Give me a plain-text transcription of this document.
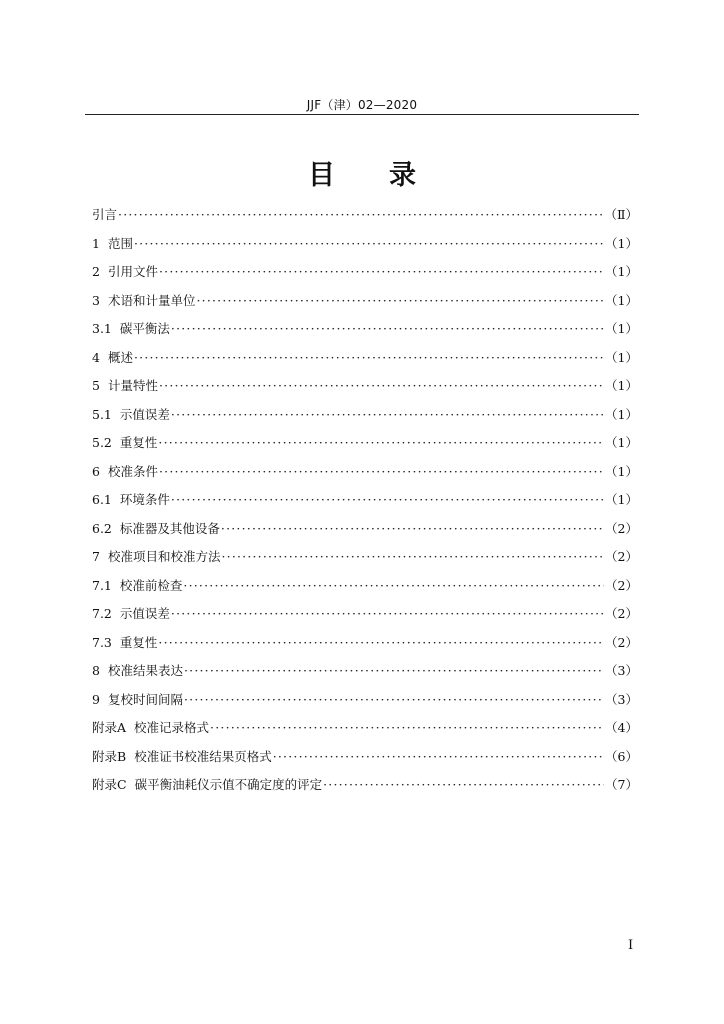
JJF（津）02—2020
目 录
引言 ·····	（Ⅱ）
1 范围 ·····	（1）
2 引用文件 ·····	（1）
3 术语和计量单位 ·····	（1）
3.1 碳平衡法 ·····	（1）
4 概述 ·····	（1）
5 计量特性 ·····	（1）
5.1 示值误差 ·····	（1）
5.2 重复性 ·····	（1）
6 校准条件 ·····	（1）
6.1 环境条件 ·····	（1）
6.2 标准器及其他设备 ·····	（2）
7 校准项目和校准方法 ·····	（2）
7.1 校准前检查 ·····	（2）
7.2 示值误差 ·····	（2）
7.3 重复性 ·····	（2）
8 校准结果表达 ·····	（3）
9 复校时间间隔 ·····	（3）
附录A 校准记录格式 ·····	（4）
附录B 校准证书校准结果页格式 ·····	（6）
附录C 碳平衡油耗仪示值不确定度的评定 ·····	（7）
Ⅰ
